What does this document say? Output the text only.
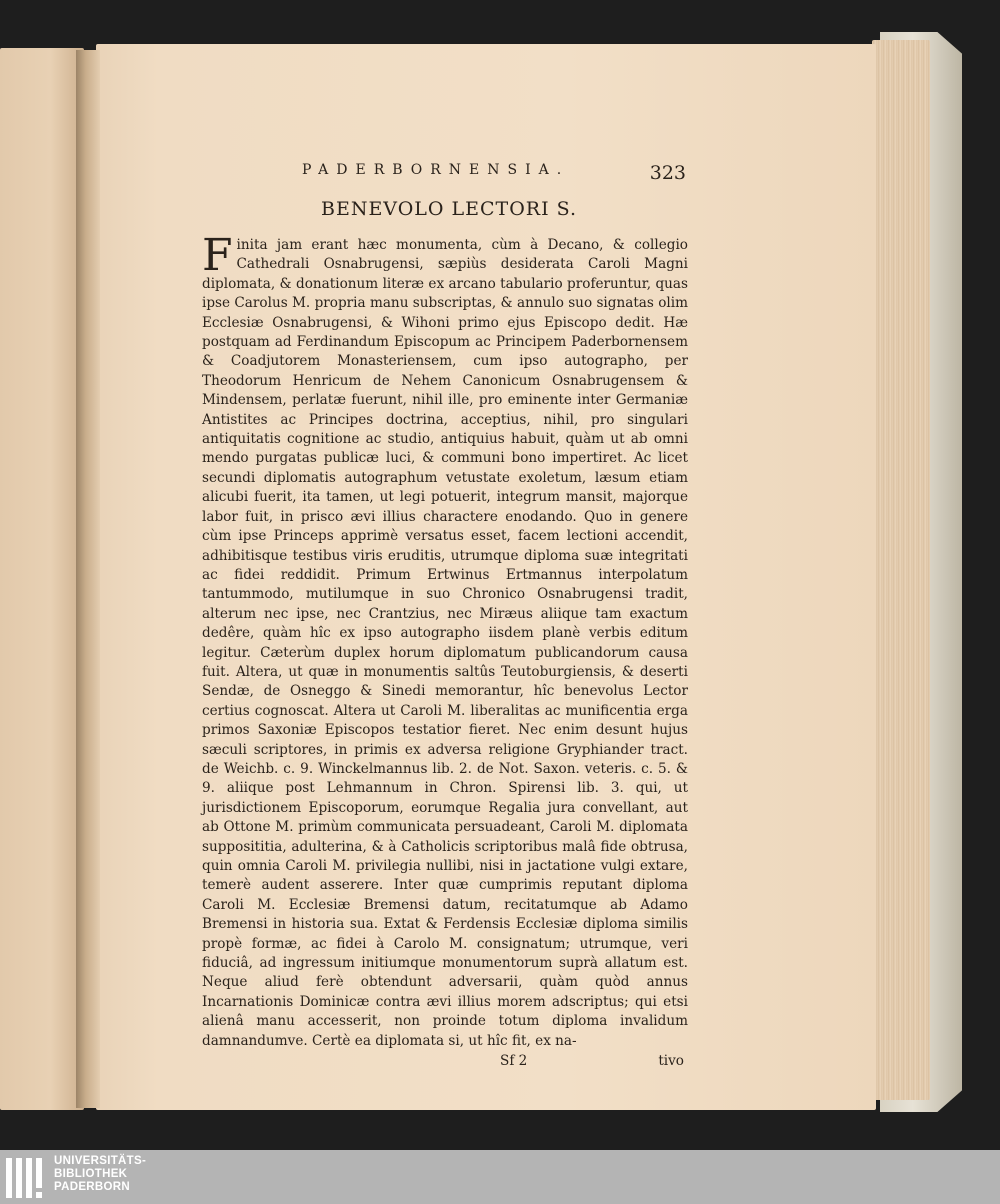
PADERBORNENSIA.	323
BENEVOLO LECTORI S.
Finita jam erant hæc monumenta, cùm à Decano, & collegio Cathedrali Osnabrugensi, sæpiùs desiderata Caroli Magni diplomata, & donationum literæ ex arcano tabulario proferuntur, quas ipse Carolus M. propria manu subscriptas, & annulo suo signatas olim Ecclesiæ Osnabrugensi, & Wihoni primo ejus Episcopo dedit. Hæ postquam ad Ferdinandum Episcopum ac Principem Paderbornensem & Coadjutorem Monasteriensem, cum ipso autographo, per Theodorum Henricum de Nehem Canonicum Osnabrugensem & Mindensem, perlatæ fuerunt, nihil ille, pro eminente inter Germaniæ Antistites ac Principes doctrina, acceptius, nihil, pro singulari antiquitatis cognitione ac studio, antiquius habuit, quàm ut ab omni mendo purgatas publicæ luci, & communi bono impertiret. Ac licet secundi diplomatis autographum vetustate exoletum, læsum etiam alicubi fuerit, ita tamen, ut legi potuerit, integrum mansit, majorque labor fuit, in prisco ævi illius charactere enodando. Quo in genere cùm ipse Princeps apprimè versatus esset, facem lectioni accendit, adhibitisque testibus viris eruditis, utrumque diploma suæ integritati ac fidei reddidit. Primum Ertwinus Ertmannus interpolatum tantummodo, mutilumque in suo Chronico Osnabrugensi tradit, alterum nec ipse, nec Crantzius, nec Miræus aliique tam exactum dedêre, quàm hîc ex ipso autographo iisdem planè verbis editum legitur. Cæterùm duplex horum diplomatum publicandorum causa fuit. Altera, ut quæ in monumentis saltûs Teutoburgiensis, & deserti Sendæ, de Osneggo & Sinedi memorantur, hîc benevolus Lector certius cognoscat. Altera ut Caroli M. liberalitas ac munificentia erga primos Saxoniæ Episcopos testatior fieret. Nec enim desunt hujus sæculi scriptores, in primis ex adversa religione Gryphiander tract. de Weichb. c. 9. Winckelmannus lib. 2. de Not. Saxon. veteris. c. 5. & 9. aliique post Lehmannum in Chron. Spirensi lib. 3. qui, ut jurisdictionem Episcoporum, eorumque Regalia jura convellant, aut ab Ottone M. primùm communicata persuadeant, Caroli M. diplomata supposititia, adulterina, & à Catholicis scriptoribus malâ fide obtrusa, quin omnia Caroli M. privilegia nullibi, nisi in jactatione vulgi extare, temerè audent asserere. Inter quæ cumprimis reputant diploma Caroli M. Ecclesiæ Bremensi datum, recitatumque ab Adamo Bremensi in historia sua. Extat & Ferdensis Ecclesiæ diploma similis propè formæ, ac fidei à Carolo M. consignatum; utrumque, veri fiduciâ, ad ingressum initiumque monumentorum suprà allatum est. Neque aliud ferè obtendunt adversarii, quàm quòd annus Incarnationis Dominicæ contra ævi illius morem adscriptus; qui etsi alienâ manu accesserit, non proinde totum diploma invalidum damnandumve. Certè ea diplomata si, ut hîc fit, ex na-
Sf 2	tivo
UNIVERSITÄTS-
BIBLIOTHEK
PADERBORN
